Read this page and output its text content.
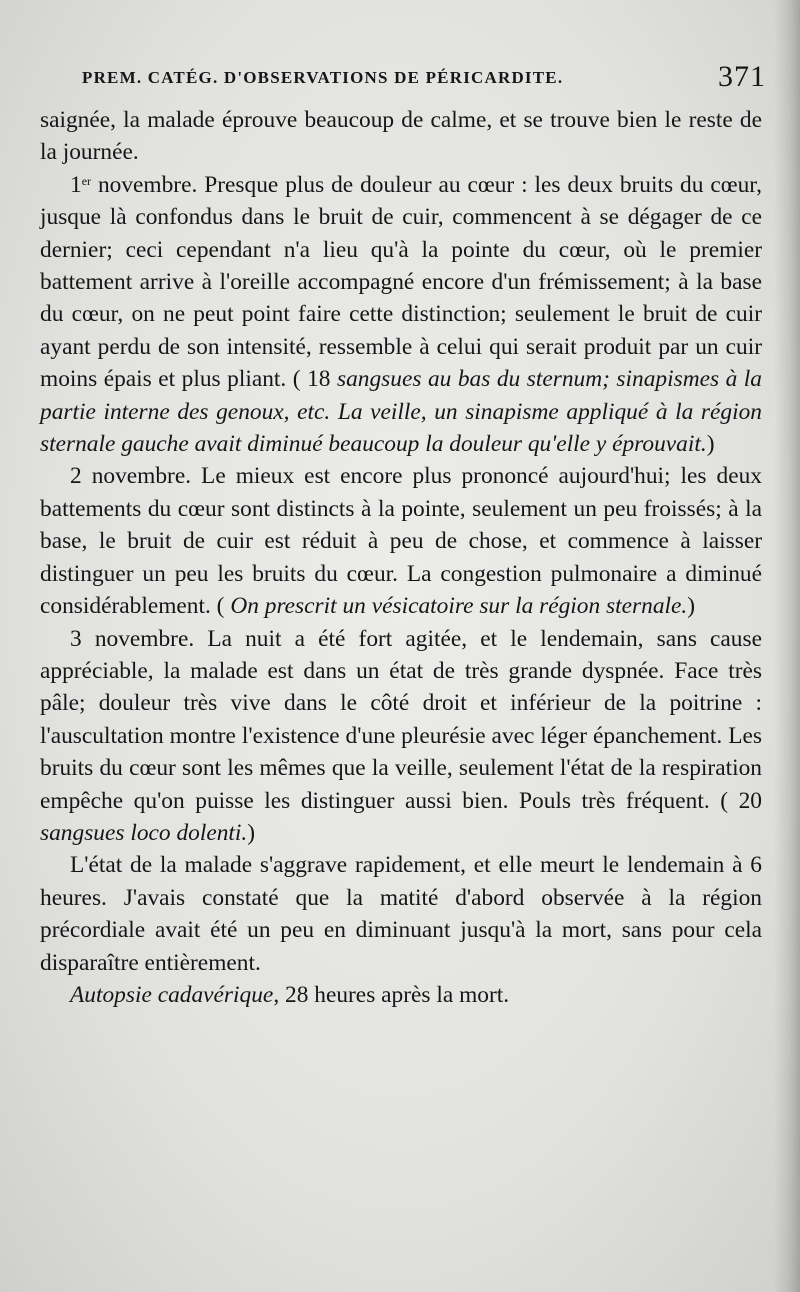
PREM. CATÉG. D'OBSERVATIONS DE PÉRICARDITE.	371

saignée, la malade éprouve beaucoup de calme, et se trouve bien le reste de la journée.

1er novembre. Presque plus de douleur au cœur : les deux bruits du cœur, jusque là confondus dans le bruit de cuir, commencent à se dégager de ce dernier; ceci cependant n'a lieu qu'à la pointe du cœur, où le premier battement arrive à l'oreille accompagné encore d'un frémissement; à la base du cœur, on ne peut point faire cette distinction; seulement le bruit de cuir ayant perdu de son intensité, ressemble à celui qui serait produit par un cuir moins épais et plus pliant. ( 18 sangsues au bas du sternum; sinapismes à la partie interne des genoux, etc. La veille, un sinapisme appliqué à la région sternale gauche avait diminué beaucoup la douleur qu'elle y éprouvait.)

2 novembre. Le mieux est encore plus prononcé aujourd'hui; les deux battements du cœur sont distincts à la pointe, seulement un peu froissés; à la base, le bruit de cuir est réduit à peu de chose, et commence à laisser distinguer un peu les bruits du cœur. La congestion pulmonaire a diminué considérablement. ( On prescrit un vésicatoire sur la région sternale.)

3 novembre. La nuit a été fort agitée, et le lendemain, sans cause appréciable, la malade est dans un état de très grande dyspnée. Face très pâle; douleur très vive dans le côté droit et inférieur de la poitrine : l'auscultation montre l'existence d'une pleurésie avec léger épanchement. Les bruits du cœur sont les mêmes que la veille, seulement l'état de la respiration empêche qu'on puisse les distinguer aussi bien. Pouls très fréquent. ( 20 sangsues loco dolenti.)

L'état de la malade s'aggrave rapidement, et elle meurt le lendemain à 6 heures. J'avais constaté que la matité d'abord observée à la région précordiale avait été un peu en diminuant jusqu'à la mort, sans pour cela disparaître entièrement.

Autopsie cadavérique, 28 heures après la mort.
